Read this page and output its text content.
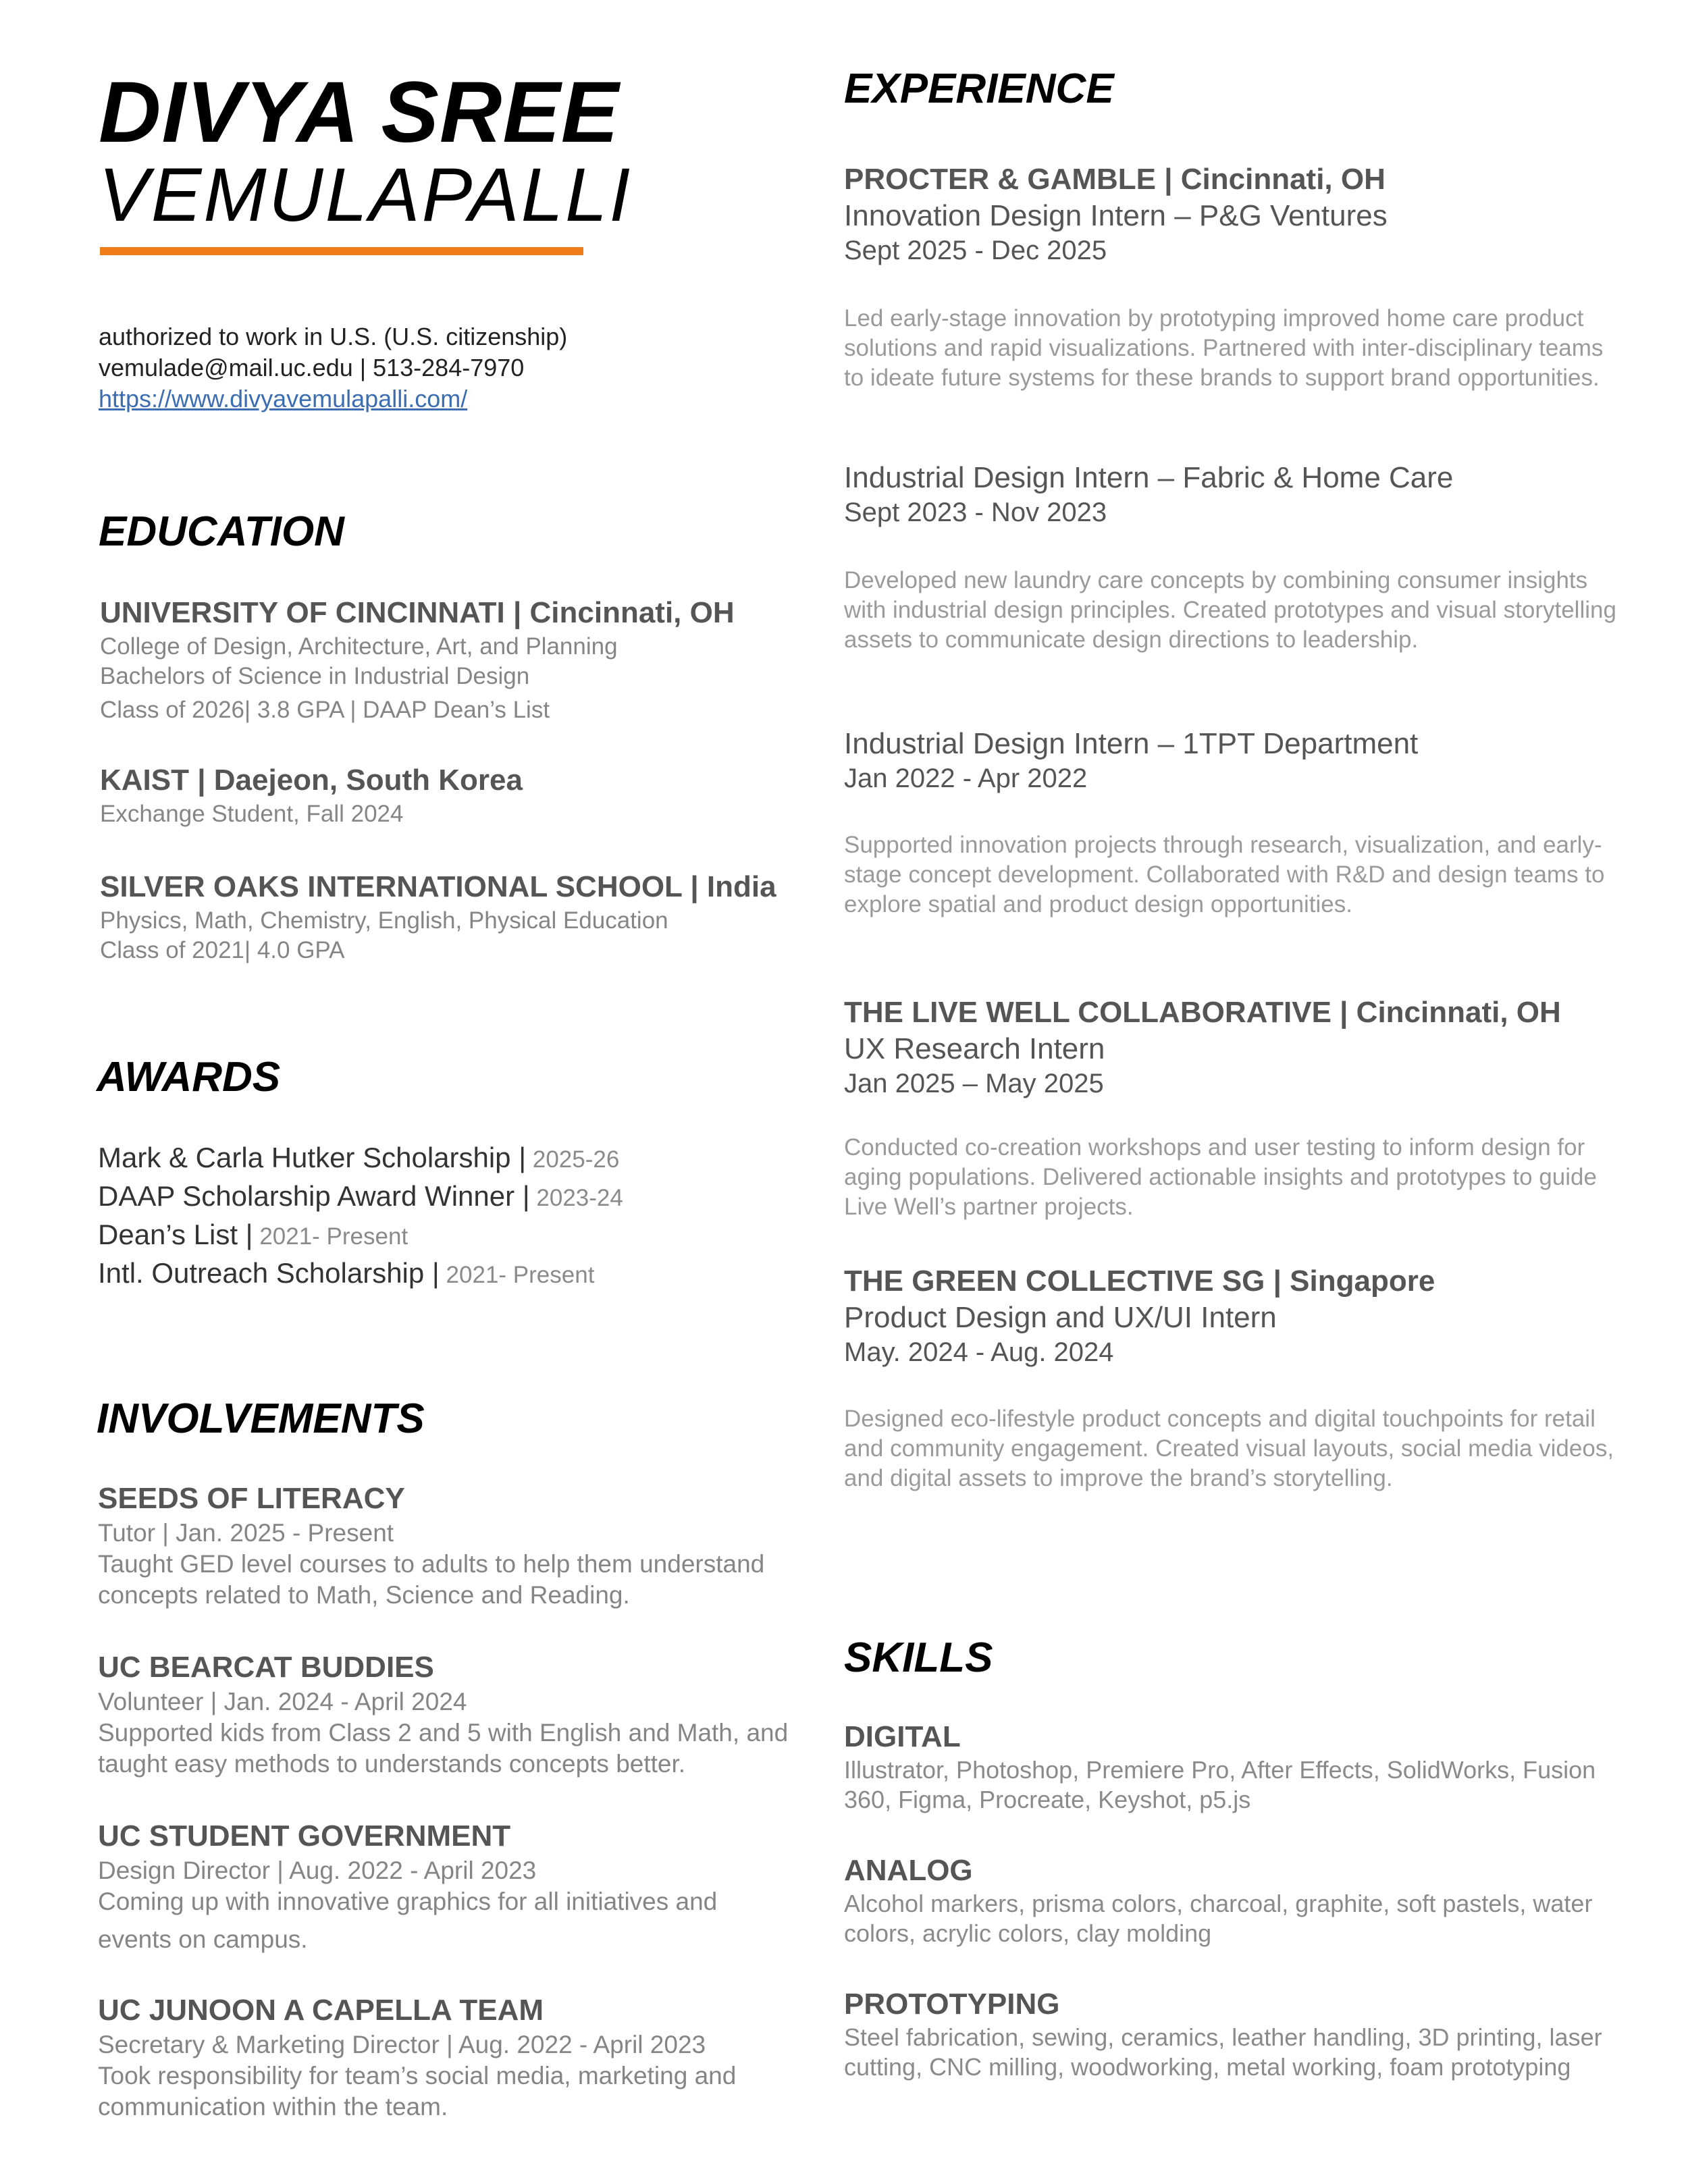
DIVYA SREE
VEMULAPALLI
authorized to work in U.S. (U.S. citizenship)
vemulade@mail.uc.edu | 513-284-7970
https://www.divyavemulapalli.com/
EDUCATION
UNIVERSITY OF CINCINNATI | Cincinnati, OH
College of Design, Architecture, Art, and Planning
Bachelors of Science in Industrial Design
Class of 2026| 3.8 GPA | DAAP Dean’s List
KAIST | Daejeon, South Korea
Exchange Student, Fall 2024
SILVER OAKS INTERNATIONAL SCHOOL | India
Physics, Math, Chemistry, English, Physical Education
Class of 2021| 4.0 GPA
AWARDS
Mark & Carla Hutker Scholarship | 2025-26
DAAP Scholarship Award Winner | 2023-24
Dean’s List | 2021- Present
Intl. Outreach Scholarship | 2021- Present
INVOLVEMENTS
SEEDS OF LITERACY
Tutor | Jan. 2025 - Present
Taught GED level courses to adults to help them understand
concepts related to Math, Science and Reading.
UC BEARCAT BUDDIES
Volunteer | Jan. 2024 - April 2024
Supported kids from Class 2 and 5 with English and Math, and
taught easy methods to understands concepts better.
UC STUDENT GOVERNMENT
Design Director | Aug. 2022 - April 2023
Coming up with innovative graphics for all initiatives and
events on campus.
UC JUNOON A CAPELLA TEAM
Secretary & Marketing Director | Aug. 2022 - April 2023
Took responsibility for team’s social media, marketing and
communication within the team.
EXPERIENCE
PROCTER & GAMBLE | Cincinnati, OH
Innovation Design Intern – P&G Ventures
Sept 2025 - Dec 2025
Led early-stage innovation by prototyping improved home care product solutions and rapid visualizations. Partnered with inter-disciplinary teams to ideate future systems for these brands to support brand opportunities.
Industrial Design Intern – Fabric & Home Care
Sept 2023 - Nov 2023
Developed new laundry care concepts by combining consumer insights with industrial design principles. Created prototypes and visual storytelling assets to communicate design directions to leadership.
Industrial Design Intern – 1TPT Department
Jan 2022 - Apr 2022
Supported innovation projects through research, visualization, and early-stage concept development. Collaborated with R&D and design teams to explore spatial and product design opportunities.
THE LIVE WELL COLLABORATIVE | Cincinnati, OH
UX Research Intern
Jan 2025 – May 2025
Conducted co-creation workshops and user testing to inform design for aging populations. Delivered actionable insights and prototypes to guide Live Well’s partner projects.
THE GREEN COLLECTIVE SG | Singapore
Product Design and UX/UI Intern
May. 2024 - Aug. 2024
Designed eco-lifestyle product concepts and digital touchpoints for retail and community engagement. Created visual layouts, social media videos, and digital assets to improve the brand’s storytelling.
SKILLS
DIGITAL
Illustrator, Photoshop, Premiere Pro, After Effects, SolidWorks, Fusion 360, Figma, Procreate, Keyshot, p5.js
ANALOG
Alcohol markers, prisma colors, charcoal, graphite, soft pastels, water colors, acrylic colors, clay molding
PROTOTYPING
Steel fabrication, sewing, ceramics, leather handling, 3D printing, laser cutting, CNC milling, woodworking, metal working, foam prototyping
